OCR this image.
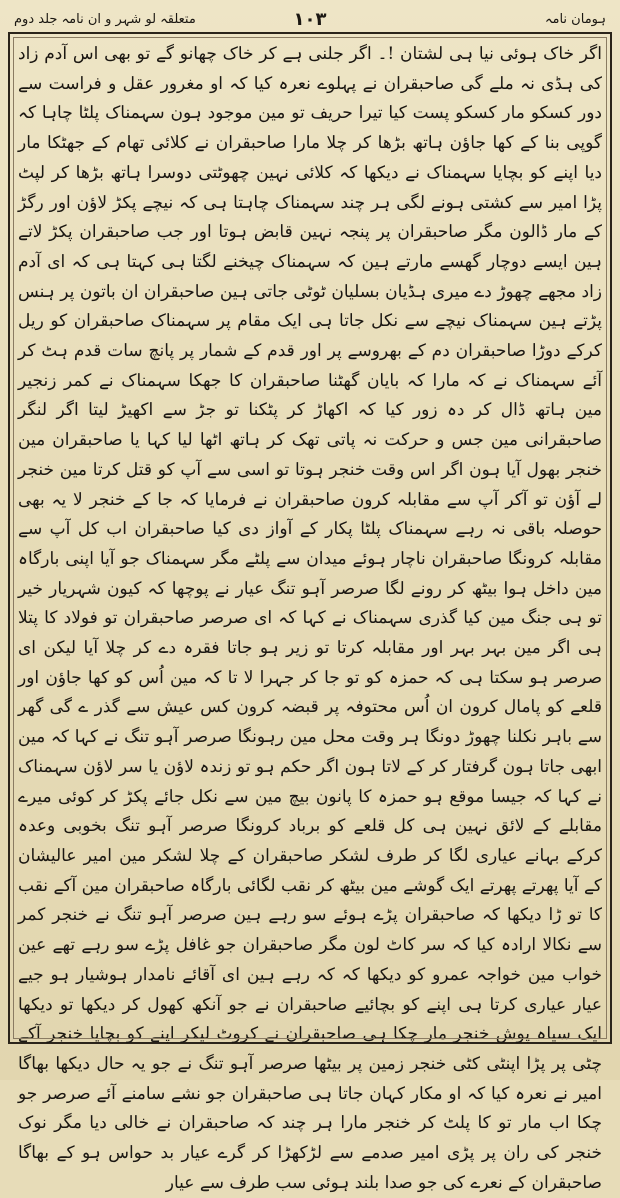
ہومان نامہ
۱۰۳
متعلقہ لو شہر و ان نامہ جلد دوم

اگر خاک ہوئی نیا ہی لشتان !۔ اگر جلنی ہے کر خاک چھانو گے تو بھی اس آدم زاد کی ہڈی نہ ملے گی صاحبقران نے پہلوے نعرہ کیا کہ او مغرور عقل و فراست سے دور کسکو مار کسکو پست کیا تیرا حریف تو مین موجود ہون سہمناک پلٹا چاہا کہ گوپی بنا کے کھا جاؤن ہاتھ بڑھا کر چلا مارا صاحبقران نے کلائی تھام کے جھٹکا مار دیا اپنے کو بچایا سہمناک نے دیکھا کہ کلائی نہین چھوٹتی دوسرا ہاتھ بڑھا کر لپٹ پڑا امیر سے کشتی ہونے لگی ہر چند سہمناک چاہتا ہی کہ نیچے پکڑ لاؤن اور رگڑ کے مار ڈالون مگر صاحبقران پر پنجہ نہین قابض ہوتا اور جب صاحبقران پکڑ لاتے ہین ایسے دوچار گھسے مارتے ہین کہ سہمناک چیخنے لگتا ہی کہتا ہی کہ ای آدم زاد مجھے چھوڑ دے میری ہڈیان بسلیان ٹوٹی جاتی ہین صاحبقران ان باتون پر ہنس پڑتے ہین سہمناک نیچے سے نکل جاتا ہی ایک مقام پر سہمناک صاحبقران کو ریل کرکے دوڑا صاحبقران دم کے بھروسے پر اور قدم کے شمار پر پانچ سات قدم ہٹ کر آئے سہمناک نے کہ مارا کہ بایان گھٹنا صاحبقران کا جھکا سہمناک نے کمر زنجیر مین ہاتھ ڈال کر دہ زور کیا کہ اکھاڑ کر پٹکنا تو جڑ سے اکھیڑ لیتا اگر لنگر صاحبقرانی مین جس و حرکت نہ پاتی تھک کر ہاتھ اٹھا لیا کہا یا صاحبقران مین خنجر بھول آیا ہون اگر اس وقت خنجر ہوتا تو اسی سے آپ کو قتل کرتا مین خنجر لے آؤن تو آکر آپ سے مقابلہ کرون صاحبقران نے فرمایا کہ جا کے خنجر لا یہ بھی حوصلہ باقی نہ رہے سہمناک پلٹا پکار کے آواز دی کیا صاحبقران اب کل آپ سے مقابلہ کرونگا صاحبقران ناچار ہوئے میدان سے پلٹے مگر سہمناک جو آیا اپنی بارگاہ مین داخل ہوا بیٹھ کر رونے لگا صرصر آہو تنگ عیار نے پوچھا کہ کیون شہریار خیر تو ہی جنگ مین کیا گذری سہمناک نے کہا کہ ای صرصر صاحبقران تو فولاد کا پتلا ہی اگر مین بہر بہر اور مقابلہ کرتا تو زیر ہو جاتا فقرہ دے کر چلا آیا لیکن ای صرصر ہو سکتا ہی کہ حمزہ کو تو جا کر جہرا لا تا کہ مین اُس کو کھا جاؤن اور قلعے کو پامال کرون ان اُس محتوفہ پر قبضہ کرون کس عیش سے گذر ے گی گھر سے باہر نکلنا چھوڑ دونگا ہر وقت محل مین رہونگا صرصر آہو تنگ نے کہا کہ مین ابھی جاتا ہون گرفتار کر کے لاتا ہون اگر حکم ہو تو زندہ لاؤن یا سر لاؤن سہمناک نے کہا کہ جیسا موقع ہو حمزہ کا پانون بیچ مین سے نکل جائے پکڑ کر کوئی میرے مقابلے کے لائق نہین ہی کل قلعے کو برباد کرونگا صرصر آہو تنگ بخوبی وعدہ کرکے بہانے عیاری لگا کر طرف لشکر صاحبقران کے چلا لشکر مین امیر عالیشان کے آیا پھرتے پھرتے ایک گوشے مین بیٹھ کر نقب لگائی بارگاہ صاحبقران مین آکے نقب کا تو ڑا دیکھا کہ صاحبقران پڑے ہوئے سو رہے ہین صرصر آہو تنگ نے خنجر کمر سے نکالا ارادہ کیا کہ سر کاٹ لون مگر صاحبقران جو غافل پڑے سو رہے تھے عین خواب مین خواجہ عمرو کو دیکھا کہ کہ رہے ہین ای آقائے نامدار ہوشیار ہو جیے عیار عیاری کرتا ہی اپنے کو بچائیے صاحبقران نے جو آنکھ کھول کر دیکھا تو دیکھا ایک سیاہ پوش خنجر مار چکا ہی صاحبقران نے کروٹ لیکر اپنے کو بچایا خنجر آکے چٹی پر پڑا اپنٹی کٹی خنجر زمین پر بیٹھا صرصر آہو تنگ نے جو یہ حال دیکھا بھاگا امیر نے نعرہ کیا کہ او مکار کہان جاتا ہی صاحبقران جو نشے سامنے آئے صرصر جو چکا اب مار تو کا پلٹ کر خنجر مارا ہر چند کہ صاحبقران نے خالی دیا مگر نوک خنجر کی ران پر پڑی امیر صدمے سے لڑکھڑا کر گرے عیار بد حواس ہو کے بھاگا صاحبقران کے نعرے کی جو صدا بلند ہوئی سب طرف سے عیار
